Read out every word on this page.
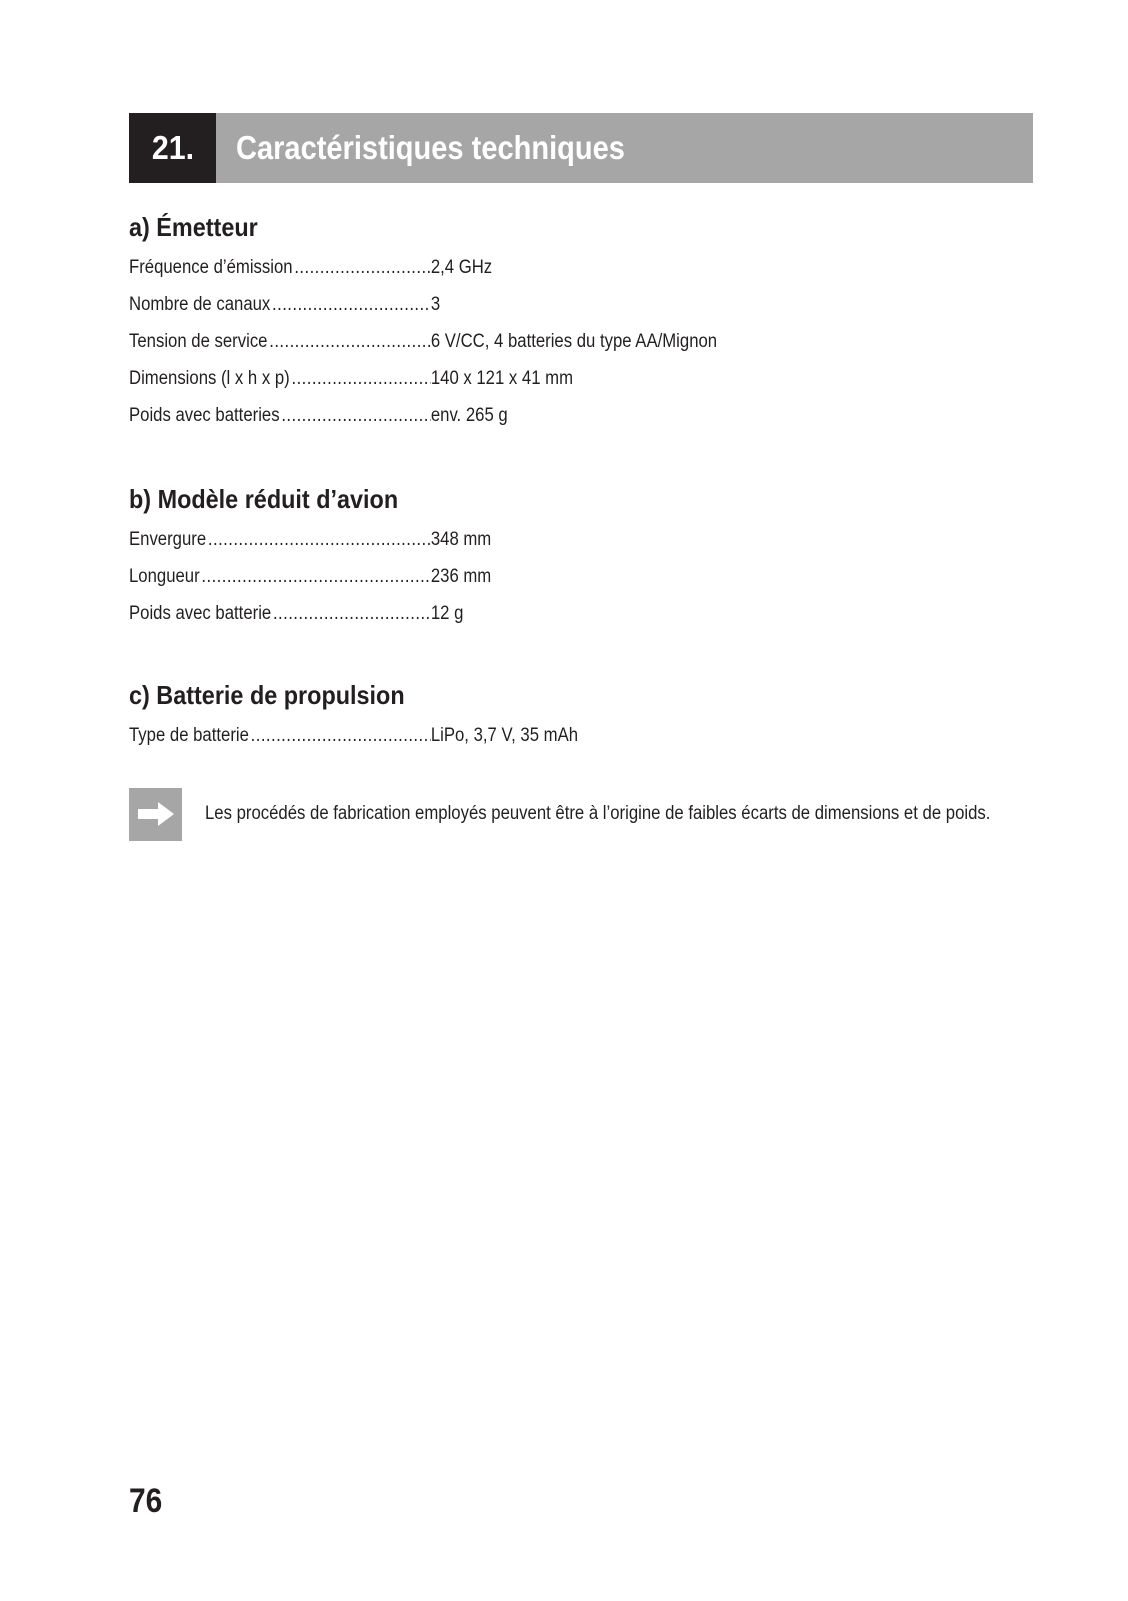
21. Caractéristiques techniques
a) Émetteur
Fréquence d’émission .....	2,4 GHz
Nombre de canaux .....	3
Tension de service .....	6 V/CC, 4 batteries du type AA/Mignon
Dimensions (l x h x p) .....	140 x 121 x 41 mm
Poids avec batteries .....	env. 265 g
b) Modèle réduit d’avion
Envergure .....	348 mm
Longueur .....	236 mm
Poids avec batterie .....	12 g
c) Batterie de propulsion
Type de batterie .....	LiPo, 3,7 V, 35 mAh
Les procédés de fabrication employés peuvent être à l’origine de faibles écarts de dimensions et de poids.
76
